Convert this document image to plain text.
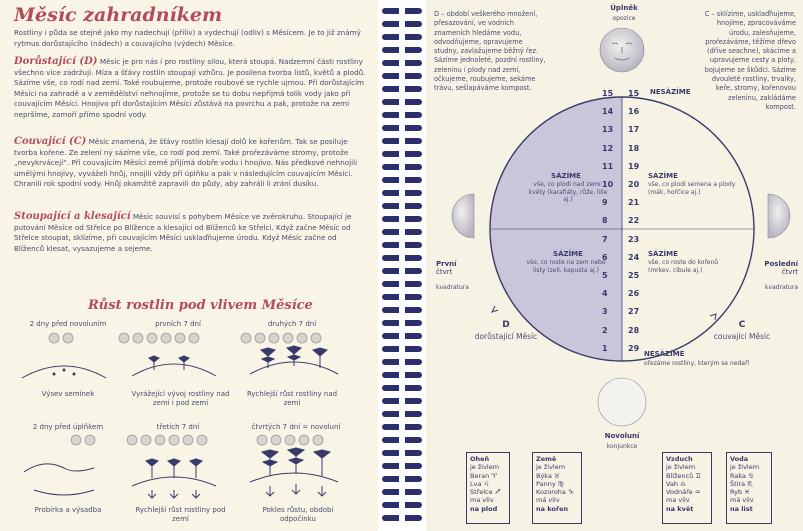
Měsíc zahradníkem

Rostliny i půda se stejně jako my nadechují (příliv) a vydechují (odliv) s Měsícem. Je to již známý rytmus dorůstajícího (nádech) a couvajícího (výdech) Měsíce.

Dorůstající (D) Měsíc je pro nás i pro rostliny silou, která stoupá. Nadzemní části rostliny všechno více zadržují. Míza a šťávy rostlin stoupají vzhůru. Je posilena tvorba listů, květů a plodů. Sázíme vše, co rodí nad zemí. Také roubujeme, protože roubové se rychle ujmou. Při dorůstajícím Měsíci na zahradě a v zemědělství nehnojíme, protože se tu dobu nepřijmá tolik vody jako při couvajícím Měsíci. Hnojivo při dorůstajícím Měsíci zůstává na povrchu a pak, protože na zemi nepršíme, zamoří přímo spodní vody.

Couvající (C) Měsíc znamená, že šťávy rostlin klesají dolů ke kořenům. Tak se posiluje tvorba kořene. Ze zelení ny sázíme vše, co rodí pod zemí. Také prořezáváme stromy, protože „nevykrvácejí“. Při couvajícím Měsíci země přijímá dobře vodu i hnojivo. Nás předkové nehnojili umělými hnojivy, vyváželi hnůj, nnojili vždy při úplňku a pak v následujícím couvajícím Měsíci. Chranili rok spodní vody. Hnůj okamžitě zapravili do půdy, aby zahráli li zrání dusíku.

Stoupající a klesající Měsíc souvisí s pohybem Měsíce ve zvěrokruhu. Stoupající je putování Měsíce od Střelce po Blížence a klesající od Blíženců ke Střelci. Když začne Měsíc od Střelce stoupat, sklízíme, při couvajícím Měsíci usklaďňujeme úrodu. Když Měsíc začne od Blíženců klesat, vysazujeme a sejeme.

Růst rostlin pod vlivem Měsíce
2 dny před novoluním	prvních 7 dní	druhých 7 dní
Výsev semínek	Vyrážející vývoj rostliny nad zemí i pod zemí
Rychlejší růst rostliny nad zemí
2 dny před úplňkem	třetích 7 dní	čtvrtých 7 dní = novoluní
Probírka a výsadba	Rychlejší růst rostliny pod zemí
Pokles růstu, období odpočinku
D – období veškerého množení, přesazování, ve vodních znameních hledáme vodu, odvodňujeme, opravujeme studny, zavlažujeme běžný řez. Sázíme jednoleté, pozdní rostliny, zeleninu i plody nad zemí, očkujeme, roubujeme, sekáme trávu, sešlapáváme kompost.
C – sklízíme, usklaďňujeme, hnojíme, zpracováváme úrodu, zalesňujeme, prořezáváme, těžíme dřevo (dříve seachne), skácíme a upravujeme cesty a ploty, bojujeme se škůdci. Sázíme dvouleté rostliny, trvalky, keře, stromy, kořenovou zeleninu, zakládáme kompost.
Úplněk
opozice
První
čtvrt
kvadratura
Poslední
čtvrt
kvadratura
D
dorůstající Měsíc
C
couvající Měsíc
15 15
14 16
13 17
12 18
11 19
10 20
9	21
8	22
7	23
6	24
5	25
4	26
3	27
2	28
1	29
NESÁZÍME
NESÁZÍME
ořezáme rostliny, kterým se nedaří
SÁZÍME
vše, co plodí nad zemí: květy (karafiáty, růže, lilie aj.)
SÁZÍME
vše, co plodí semena a plody (mák, hořčice aj.)
SÁZÍME
vše, co roste na zem nebo listy (zelí, kapusta aj.)
SÁZÍME
vše, co roste do kořenů (mrkev, cibule aj.)
Novoluní
konjunkce
Oheň
je živlem
Beran ♈
Lva ♌
Střelce ♐
ma vliv
na plod
Země
je živlem
Býka ♉
Panny ♍
Kozoroha ♑
má vliv
na kořen
Vzduch
je živlem
Blíženců ♊
Vah ♎
Vodnáře ♒
ma vliv
na květ
Voda
je živlem
Raka ♋
Štíra ♏
Ryb ♓
má vliv
na list
